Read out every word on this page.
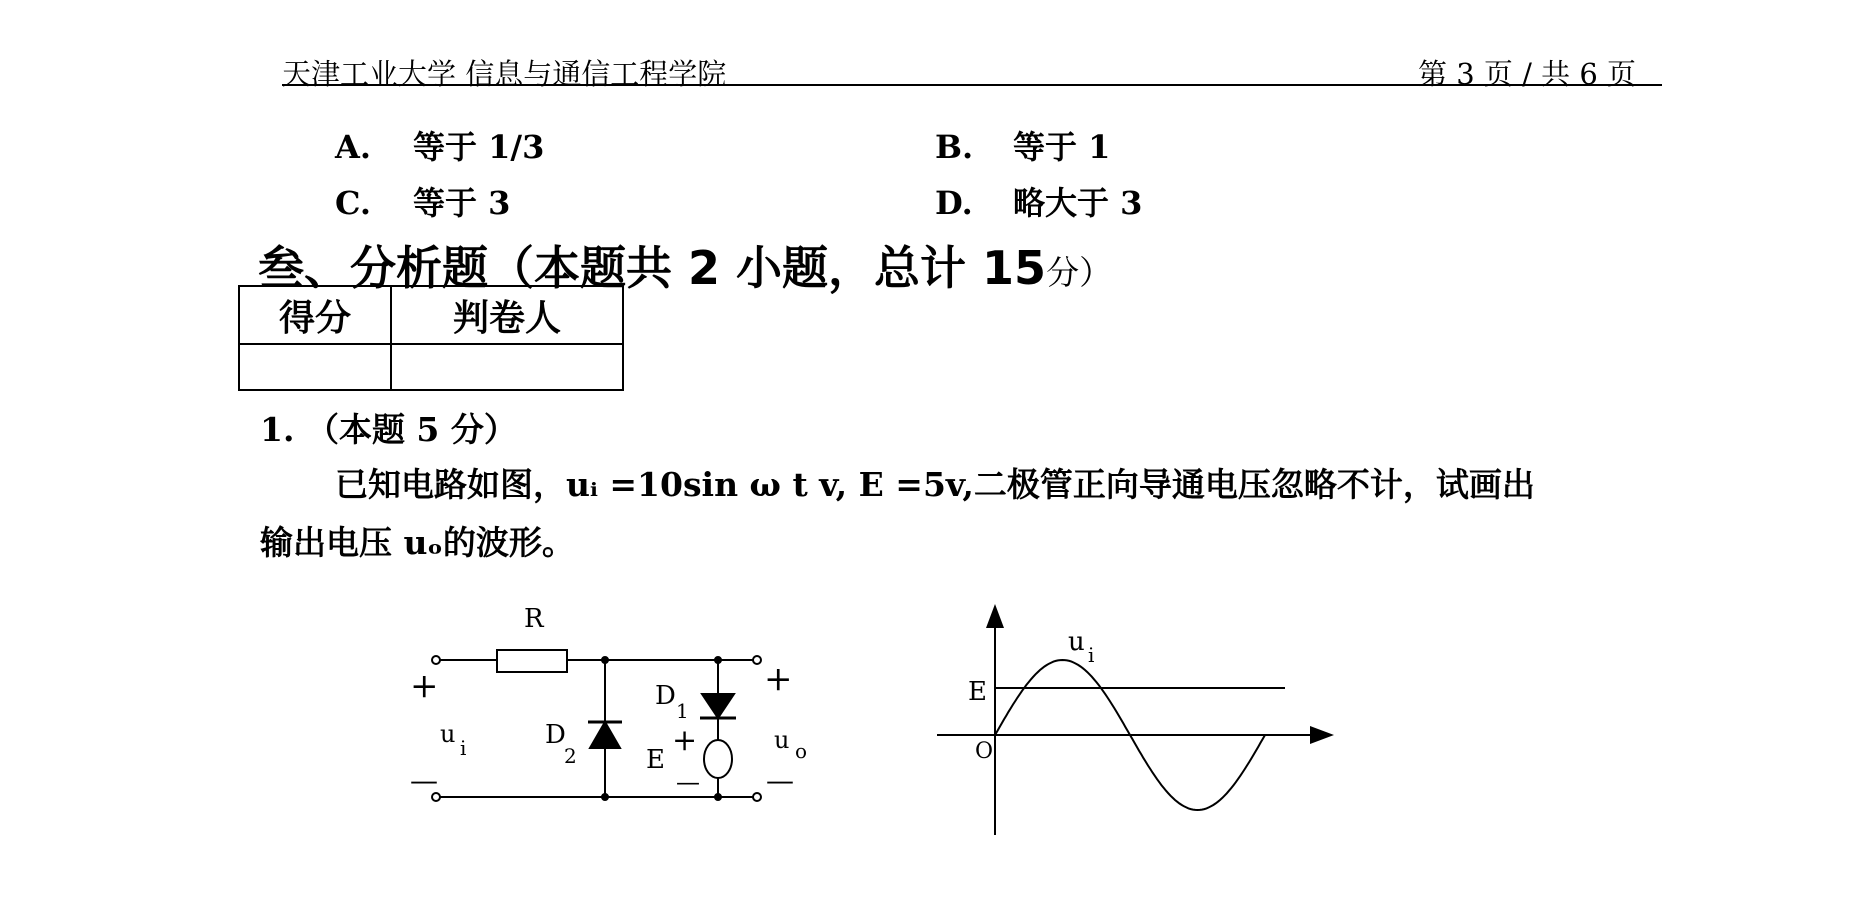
天津工业大学 信息与通信工程学院	第 3 页 / 共 6 页
A. 等于 1/3	B. 等于 1
C. 等于 3	D. 略大于 3
叁、分析题（本题共 2 小题，总计 15分）
得分	判卷人

1. （本题 5 分）
已知电路如图，uᵢ =10sin ω t v, E =5v,二极管正向导通电压忽略不计，试画出
输出电压 uₒ的波形。
R
+
—
u i	D
2
D 1
+
E
—
+
—
u o
u i
E
O
